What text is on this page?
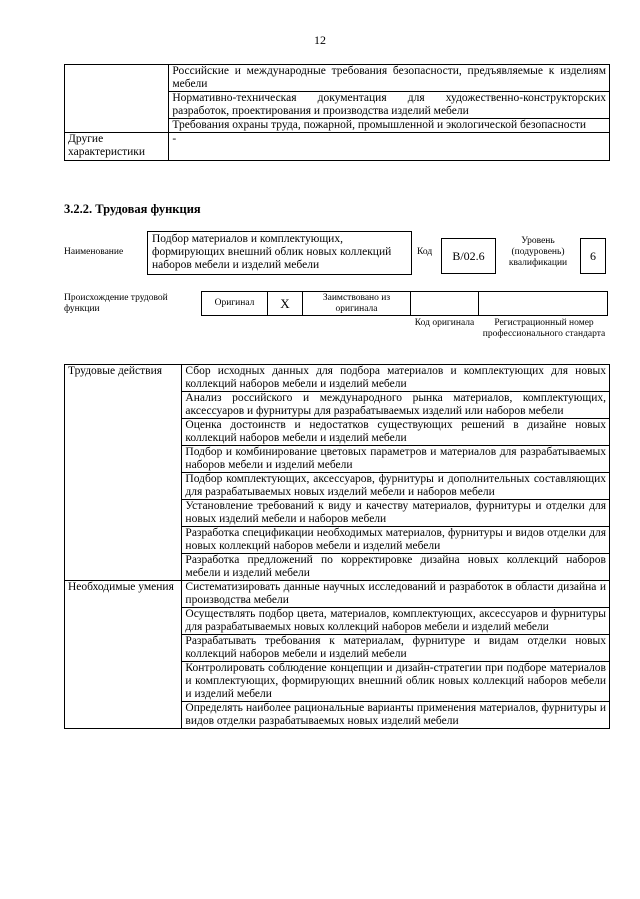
12
	Российские и международные требования безопасности, предъявляемые к изделиям мебели
	Нормативно-техническая документация для художественно-конструкторских разработок, проектирования и производства изделий мебели
	Требования охраны труда, пожарной, промышленной и экологической безопасности
Другие характеристики	-
3.2.2. Трудовая функция
Наименование
Подбор материалов и комплектующих, формирующих внешний облик новых коллекций наборов мебели и изделий мебели
Код	B/02.6
Уровень (подуровень) квалификации	6
Происхождение трудовой функции
Оригинал	X	Заимствовано из оригинала
Код оригинала	Регистрационный номер профессионального стандарта
Трудовые действия	Сбор исходных данных для подбора материалов и комплектующих для новых коллекций наборов мебели и изделий мебели
	Анализ российского и международного рынка материалов, комплектующих, аксессуаров и фурнитуры для разрабатываемых изделий или наборов мебели
	Оценка достоинств и недостатков существующих решений в дизайне новых коллекций наборов мебели и изделий мебели
	Подбор и комбинирование цветовых параметров и материалов для разрабатываемых наборов мебели и изделий мебели
	Подбор комплектующих, аксессуаров, фурнитуры и дополнительных составляющих для разрабатываемых новых изделий мебели и наборов мебели
	Установление требований к виду и качеству материалов, фурнитуры и отделки для новых изделий мебели и наборов мебели
	Разработка спецификации необходимых материалов, фурнитуры и видов отделки для новых коллекций наборов мебели и изделий мебели
	Разработка предложений по корректировке дизайна новых коллекций наборов мебели и изделий мебели
Необходимые умения	Систематизировать данные научных исследований и разработок в области дизайна и производства мебели
	Осуществлять подбор цвета, материалов, комплектующих, аксессуаров и фурнитуры для разрабатываемых новых коллекций наборов мебели и изделий мебели
	Разрабатывать требования к материалам, фурнитуре и видам отделки новых коллекций наборов мебели и изделий мебели
	Контролировать соблюдение концепции и дизайн-стратегии при подборе материалов и комплектующих, формирующих внешний облик новых коллекций наборов мебели и изделий мебели
	Определять наиболее рациональные варианты применения материалов, фурнитуры и видов отделки разрабатываемых новых изделий мебели
